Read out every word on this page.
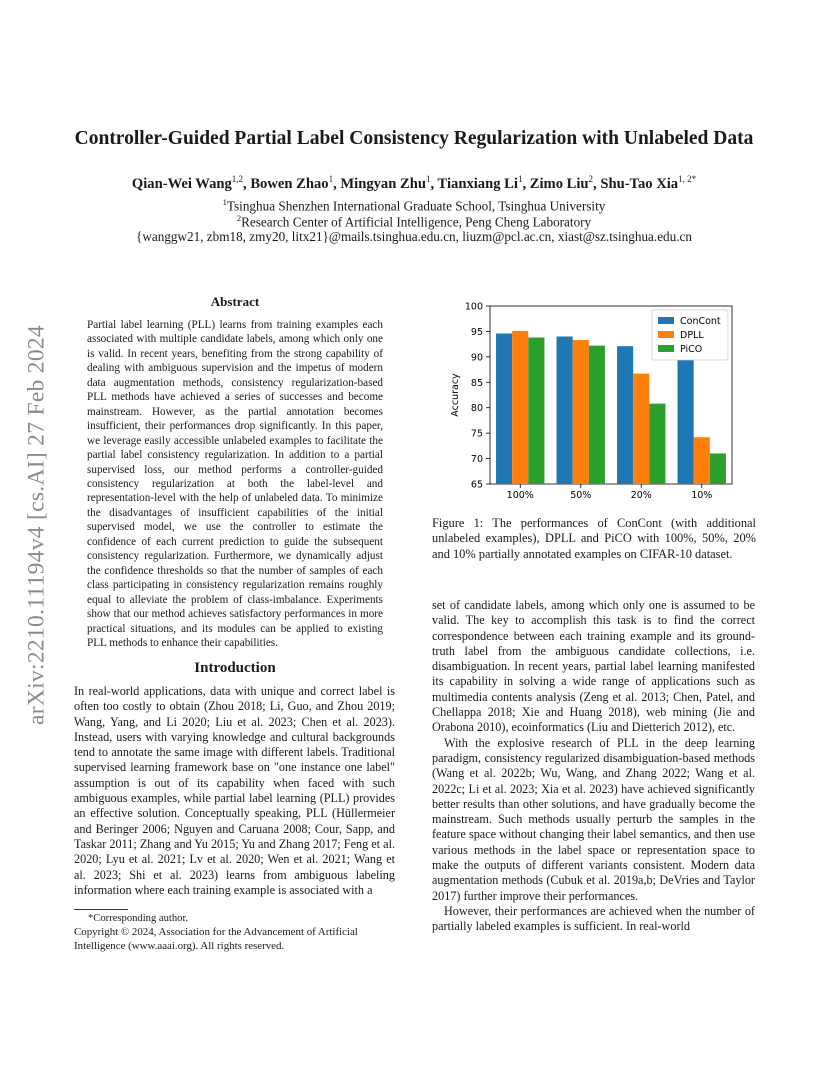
arXiv:2210.11194v4 [cs.AI] 27 Feb 2024
Controller-Guided Partial Label Consistency Regularization with Unlabeled Data
Qian-Wei Wang$^{1,2}$, Bowen Zhao$^1$, Mingyan Zhu$^1$, Tianxiang Li$^1$, Zimo Liu$^2$, Shu-Tao Xia$^{1, 2*}$
$^1$Tsinghua Shenzhen International Graduate School, Tsinghua University
$^2$Research Center of Artificial Intelligence, Peng Cheng Laboratory
{wanggw21, zbm18, zmy20, litx21}@mails.tsinghua.edu.cn, liuzm@pcl.ac.cn, xiast@sz.tsinghua.edu.cn
Abstract
Partial label learning (PLL) learns from training examples each associated with multiple candidate labels, among which only one is valid. In recent years, benefiting from the strong capability of dealing with ambiguous supervision and the impetus of modern data augmentation methods, consistency regularization-based PLL methods have achieved a series of successes and become mainstream. However, as the partial annotation becomes insufficient, their performances drop significantly. In this paper, we leverage easily accessible unlabeled examples to facilitate the partial label consistency regularization. In addition to a partial supervised loss, our method performs a controller-guided consistency regularization at both the label-level and representation-level with the help of unlabeled data. To minimize the disadvantages of insufficient capabilities of the initial supervised model, we use the controller to estimate the confidence of each current prediction to guide the subsequent consistency regularization. Furthermore, we dynamically adjust the confidence thresholds so that the number of samples of each class participating in consistency regularization remains roughly equal to alleviate the problem of class-imbalance. Experiments show that our method achieves satisfactory performances in more practical situations, and its modules can be applied to existing PLL methods to enhance their capabilities.
Introduction

In real-world applications, data with unique and correct label is often too costly to obtain (Zhou 2018; Li, Guo, and Zhou 2019; Wang, Yang, and Li 2020; Liu et al. 2023; Chen et al. 2023). Instead, users with varying knowledge and cultural backgrounds tend to annotate the same image with different labels. Traditional supervised learning framework base on "one instance one label" assumption is out of its capability when faced with such ambiguous examples, while partial label learning (PLL) provides an effective solution. Conceptually speaking, PLL (Hüllermeier and Beringer 2006; Nguyen and Caruana 2008; Cour, Sapp, and Taskar 2011; Zhang and Yu 2015; Yu and Zhang 2017; Feng et al. 2020; Lyu et al. 2021; Lv et al. 2020; Wen et al. 2021; Wang et al. 2023; Shi et al. 2023) learns from ambiguous labeling information where each training example is associated with a

*Corresponding author.
Copyright © 2024, Association for the Advancement of Artificial Intelligence (www.aaai.org). All rights reserved.
65
70
75
80
85
90
95
100
Accuracy
100%	50%	20%	10%
ConCont
DPLL
PiCO
Figure 1: The performances of ConCont (with additional unlabeled examples), DPLL and PiCO with 100%, 50%, 20% and 10% partially annotated examples on CIFAR-10 dataset.

set of candidate labels, among which only one is assumed to be valid. The key to accomplish this task is to find the correct correspondence between each training example and its ground-truth label from the ambiguous candidate collections, i.e. disambiguation. In recent years, partial label learning manifested its capability in solving a wide range of applications such as multimedia contents analysis (Zeng et al. 2013; Chen, Patel, and Chellappa 2018; Xie and Huang 2018), web mining (Jie and Orabona 2010), ecoinformatics (Liu and Dietterich 2012), etc.

With the explosive research of PLL in the deep learning paradigm, consistency regularized disambiguation-based methods (Wang et al. 2022b; Wu, Wang, and Zhang 2022; Wang et al. 2022c; Li et al. 2023; Xia et al. 2023) have achieved significantly better results than other solutions, and have gradually become the mainstream. Such methods usually perturb the samples in the feature space without changing their label semantics, and then use various methods in the label space or representation space to make the outputs of different variants consistent. Modern data augmentation methods (Cubuk et al. 2019a,b; DeVries and Taylor 2017) further improve their performances.

However, their performances are achieved when the number of partially labeled examples is sufficient. In real-world
